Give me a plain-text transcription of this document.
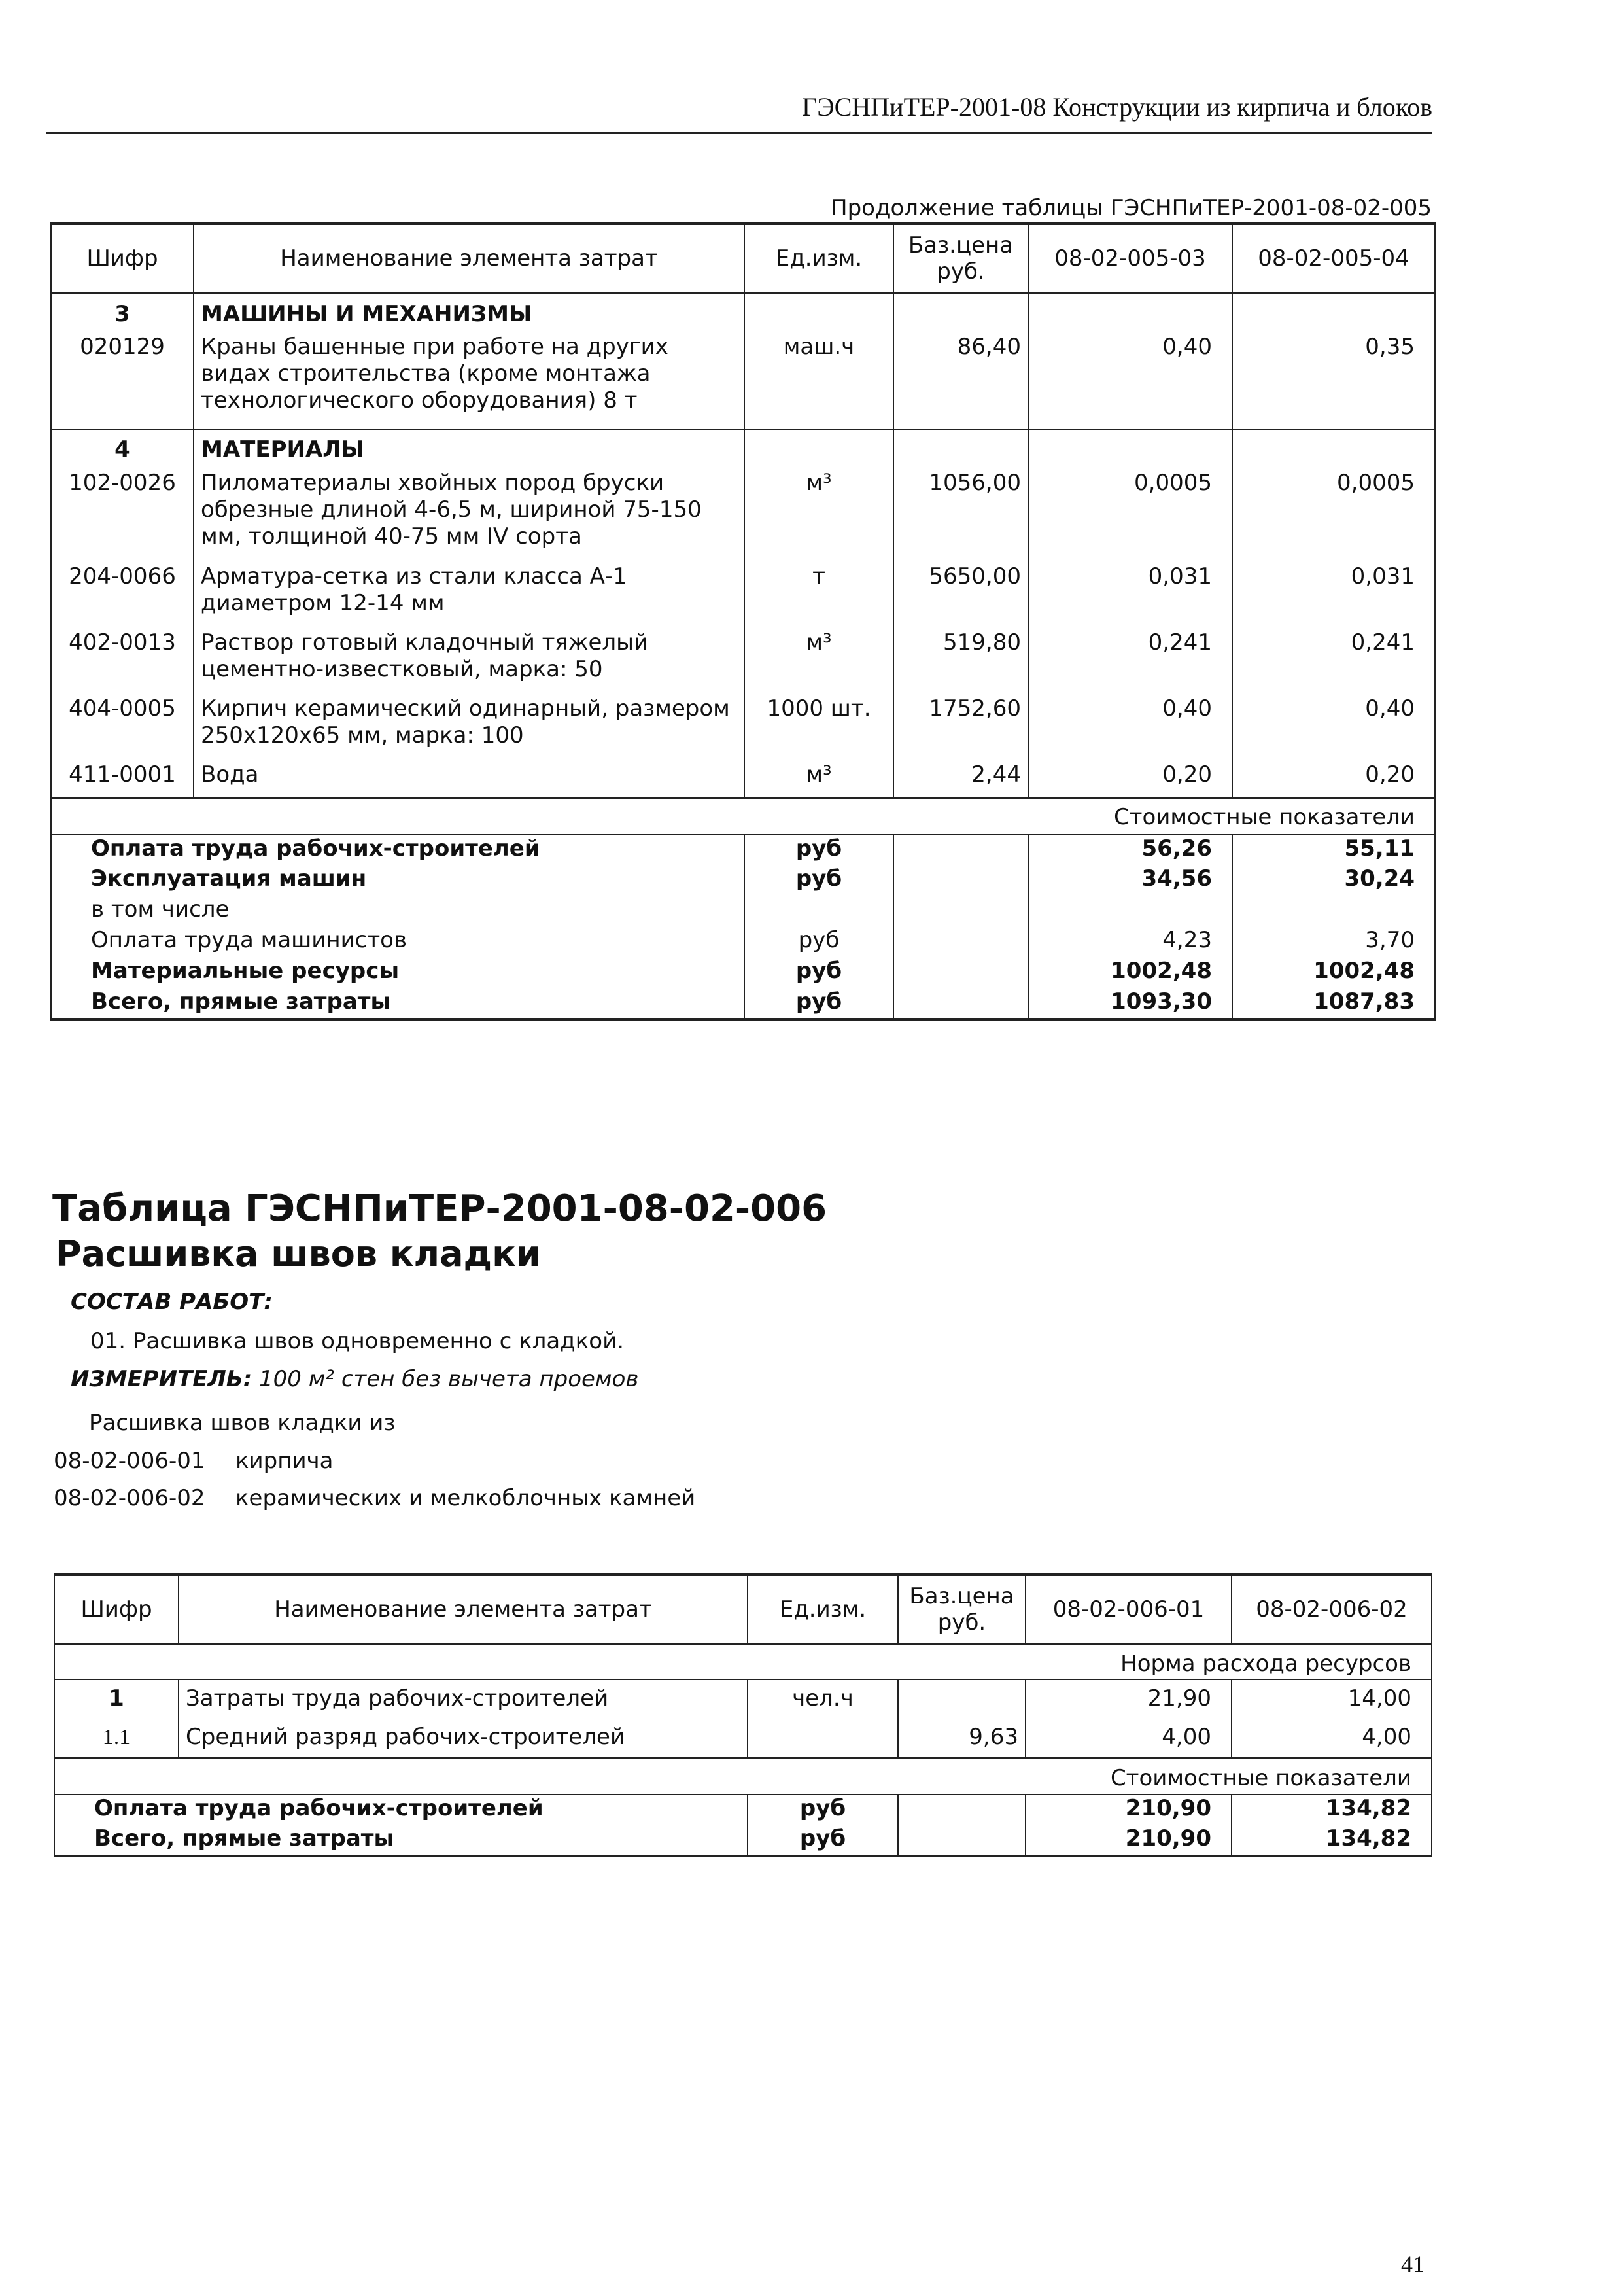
ГЭСНПиТЕР-2001-08 Конструкции из кирпича и блоков
Продолжение таблицы ГЭСНПиТЕР-2001-08-02-005
Шифр	Наименование элемента затрат	Ед.изм.	Баз.цена руб.	08-02-005-03	08-02-005-04
3	МАШИНЫ И МЕХАНИЗМЫ				
020129	Краны башенные при работе на других видах строительства (кроме монтажа технологического оборудования) 8 т	маш.ч	86,40	0,40	0,35
4	МАТЕРИАЛЫ				
102-0026	Пиломатериалы хвойных пород бруски обрезные длиной 4-6,5 м, шириной 75-150 мм, толщиной 40-75 мм IV сорта	м³	1056,00	0,0005	0,0005
204-0066	Арматура-сетка из стали класса А-1 диаметром 12-14 мм	т	5650,00	0,031	0,031
402-0013	Раствор готовый кладочный тяжелый цементно-известковый, марка: 50	м³	519,80	0,241	0,241
404-0005	Кирпич керамический одинарный, размером 250х120х65 мм, марка: 100	1000 шт.	1752,60	0,40	0,40
411-0001	Вода	м³	2,44	0,20	0,20
Стоимостные показатели					
Оплата труда рабочих-строителей		руб		56,26	55,11
Эксплуатация машин		руб		34,56	30,24
в том числе					
Оплата труда машинистов		руб		4,23	3,70
Материальные ресурсы		руб		1002,48	1002,48
Всего, прямые затраты		руб		1093,30	1087,83
Таблица ГЭСНПиТЕР-2001-08-02-006
Расшивка швов кладки
СОСТАВ РАБОТ:
01. Расшивка швов одновременно с кладкой.
ИЗМЕРИТЕЛЬ: 100 м² стен без вычета проемов
Расшивка швов кладки из
08-02-006-01 кирпича
08-02-006-02 керамических и мелкоблочных камней
Шифр	Наименование элемента затрат	Ед.изм.	Баз.цена руб.	08-02-006-01	08-02-006-02
Норма расхода ресурсов					
1	Затраты труда рабочих-строителей	чел.ч		21,90	14,00
1.1	Средний разряд рабочих-строителей		9,63	4,00	4,00
Стоимостные показатели					
Оплата труда рабочих-строителей		руб		210,90	134,82
Всего, прямые затраты		руб		210,90	134,82
41
